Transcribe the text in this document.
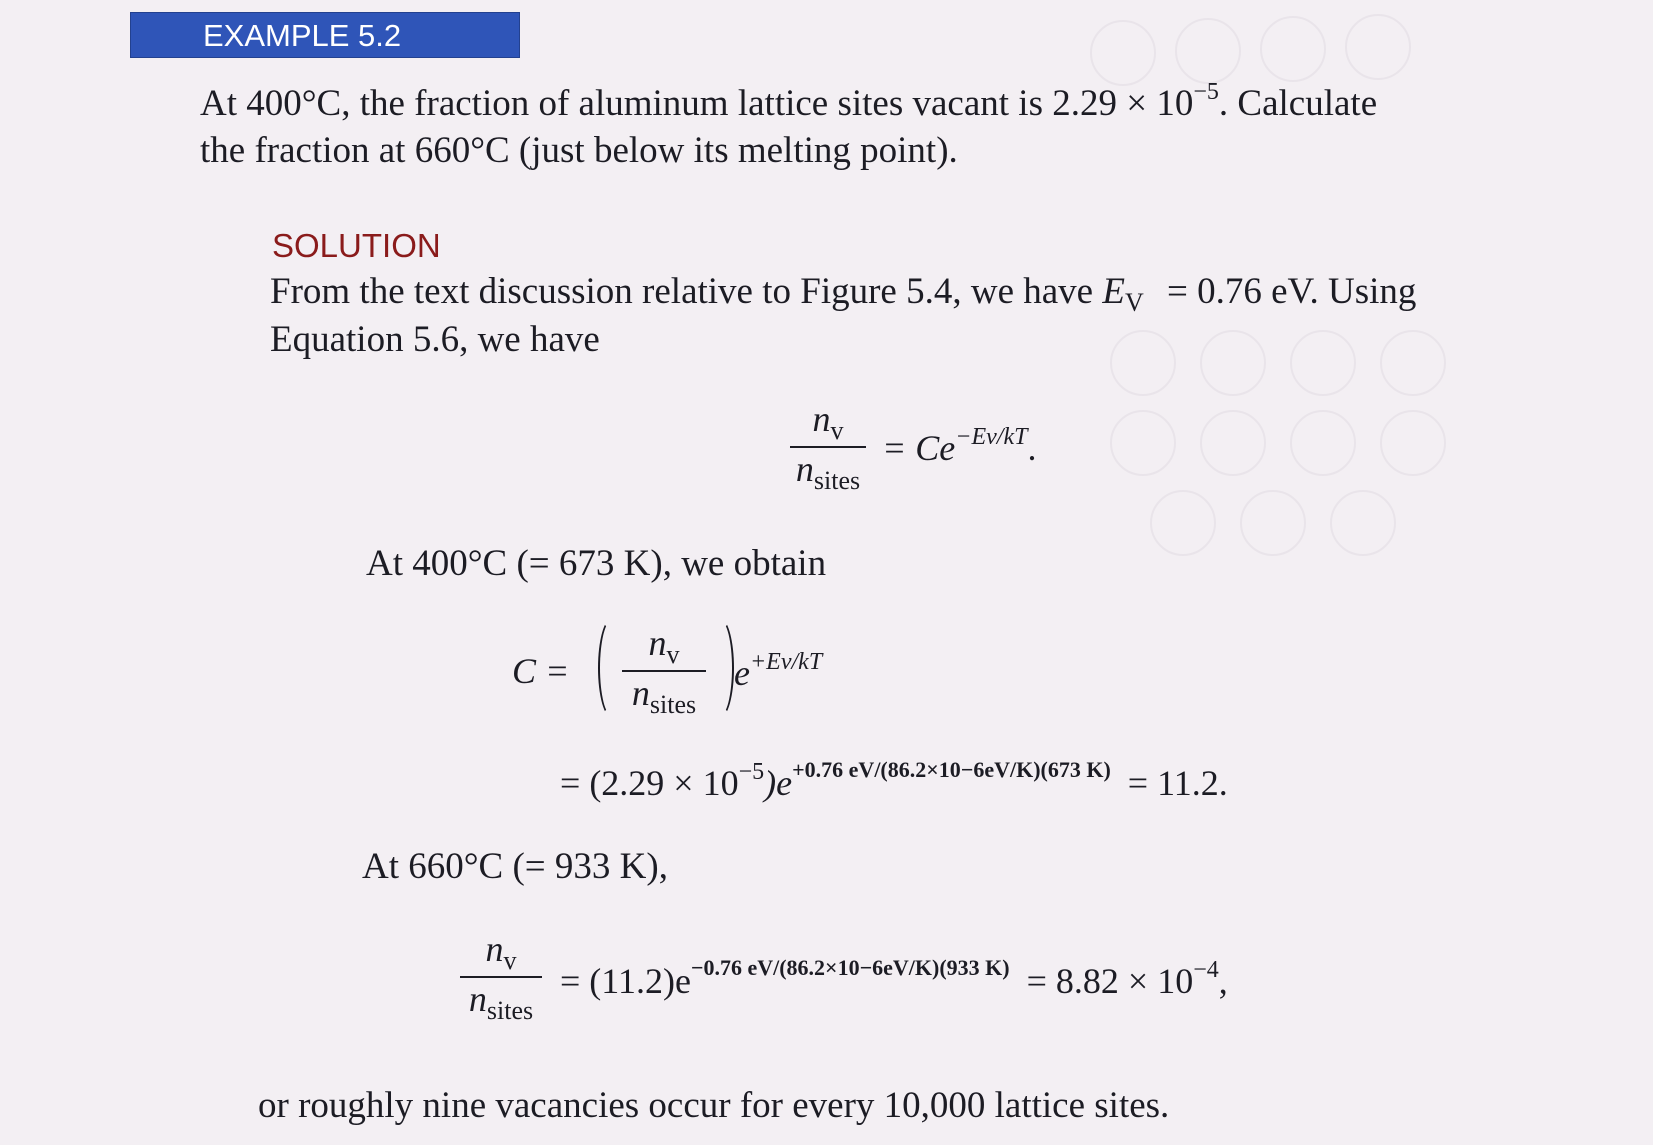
EXAMPLE 5.2
At 400°C, the fraction of aluminum lattice sites vacant is $2.29 \times 10^{-5}$. Calculate
the fraction at 660°C (just below its melting point).
SOLUTION
From the text discussion relative to Figure 5.4, we have $E_V = 0.76$ eV. Using
Equation 5.6, we have
$n_v$
$n_{sites}$
= $Ce^{-Ev/kT}$.
At 400°C (= 673 K), we obtain
C =
$n_v$
$n_{sites}$
$e^{+Ev/kT}$
= $(2.29 \times 10^{-5})e^{+0.76 eV/(86.2\times 10-6eV/K)(673 K)} = 11.2$.
At 660°C (= 933 K),
$n_v$
$n_{sites}$
= $(11.2)e^{-0.76 eV/(86.2\times 10-6eV/K)(933 K)} = 8.82 \times 10^{-4}$,
or roughly nine vacancies occur for every 10,000 lattice sites.
